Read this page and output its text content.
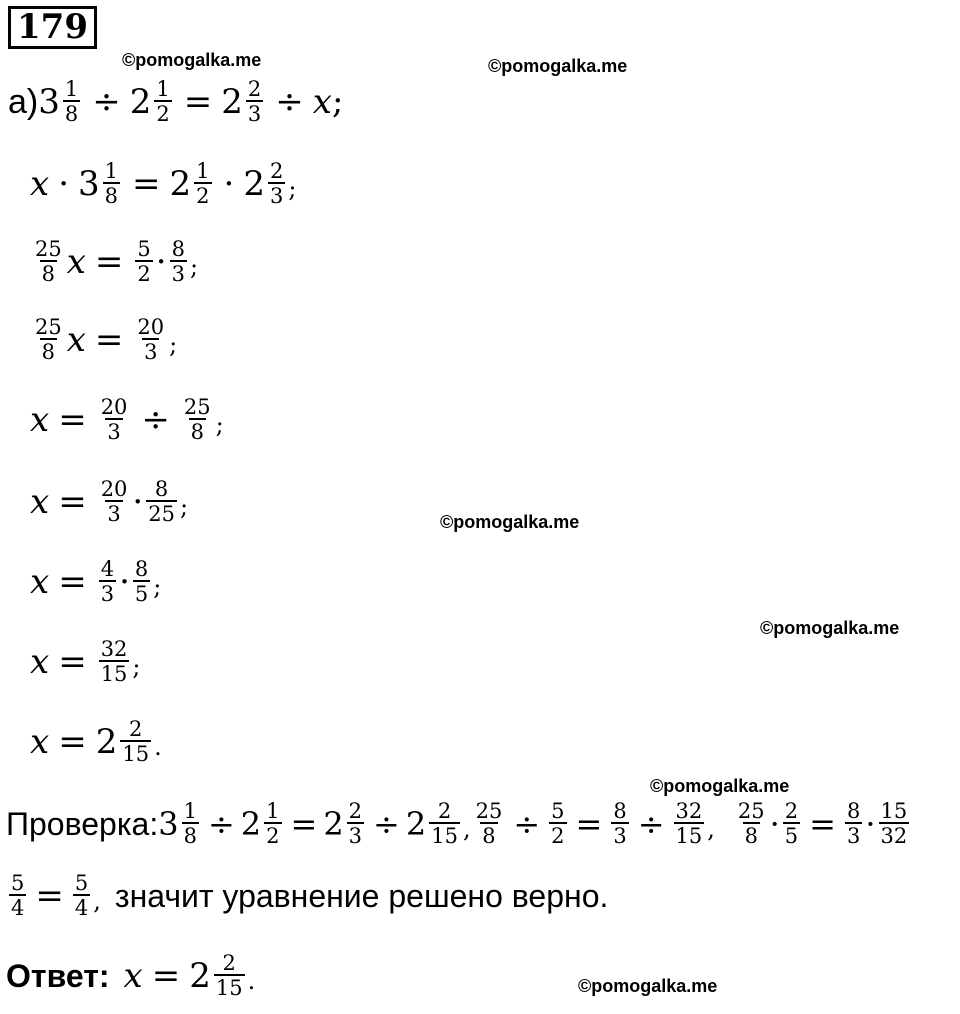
179
©pomogalka.me	©pomogalka.me
©pomogalka.me
©pomogalka.me
©pomogalka.me
©pomogalka.me
а) $3 \frac{1}{8} \div 2 \frac{1}{2} = 2 \frac{2}{3} \div x$ ;
$x \cdot 3 \frac{1}{8} = 2 \frac{1}{2} \cdot 2 \frac{2}{3}$ ;
$\frac{25}{8}$ $x = \frac{5}{2} \cdot \frac{8}{3}$ ;
$\frac{25}{8}$ $x = \frac{20}{3}$ ;
$x = \frac{20}{3} \div \frac{25}{8}$ ;
$x = \frac{20}{3} \cdot \frac{8}{25}$ ;
$x = \frac{4}{3} \cdot \frac{8}{5}$ ;
$x = \frac{32}{15}$ ;
$x = 2 \frac{2}{15}$ .
Проверка: $3 \frac{1}{8} \div 2 \frac{1}{2} = 2 \frac{2}{3} \div 2 \frac{2}{15}$ , $\frac{25}{8} \div \frac{5}{2} = \frac{8}{3} \div \frac{32}{15}$ , $\frac{25}{8} \cdot \frac{2}{5} = \frac{8}{3} \cdot \frac{15}{32}$
$\frac{5}{4} = \frac{5}{4}$ , значит уравнение решено верно.
Ответ: $x = 2 \frac{2}{15}$ .
